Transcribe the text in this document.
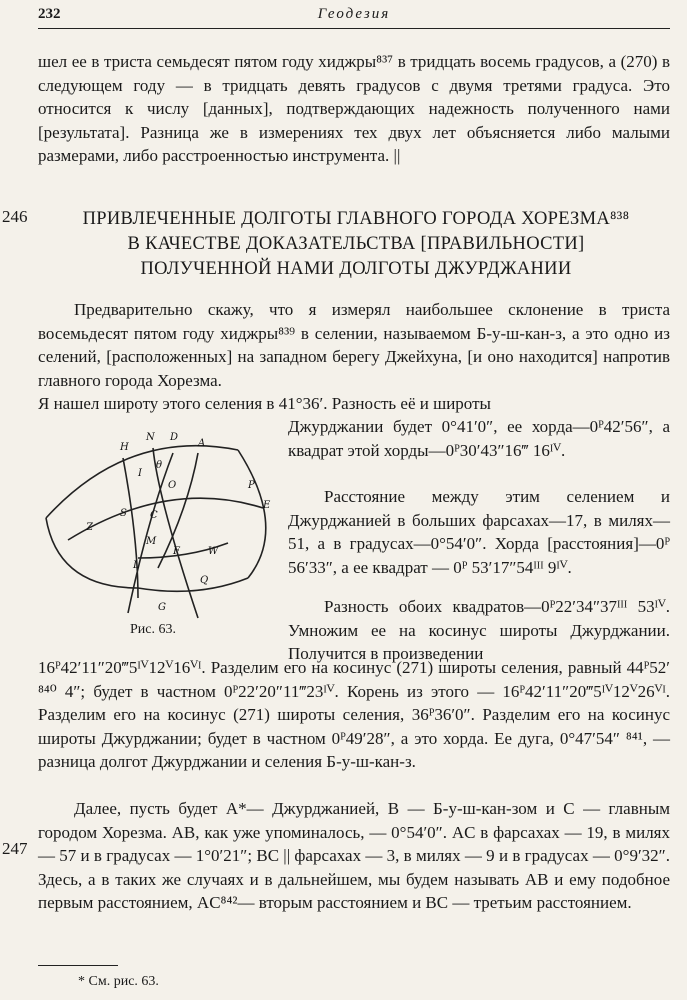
232	Геодезия
шел ее в триста семьдесят пятом году хиджры⁸³⁷ в тридцать восемь градусов, а (270) в следующем году — в тридцать девять градусов с двумя третями градуса. Это относится к числу [данных], подтверждающих надежность полученного нами [результата]. Разница же в измерениях тех двух лет объясняется либо малыми размерами, либо расстроенностью инструмента. ||
246	ПРИВЛЕЧЕННЫЕ ДОЛГОТЫ ГЛАВНОГО ГОРОДА ХОРЕЗМА⁸³⁸
В КАЧЕСТВЕ ДОКАЗАТЕЛЬСТВА [ПРАВИЛЬНОСТИ]
ПОЛУЧЕННОЙ НАМИ ДОЛГОТЫ ДЖУРДЖАНИИ
Предварительно скажу, что я измерял наибольшее склонение в триста восемьдесят пятом году хиджры⁸³⁹ в селении, называемом Б-у-ш-кан-з, а это одно из селений, [расположенных] на западном берегу Джейхуна, [и оно находится] напротив главного города Хорезма.
Я нашел широту этого селения в 41°36′. Разность её и широты
H
N D
A
I
θ
O
S C
E
Z
M
F	W
L
Q
G
P
Рис. 63.
Джурджании будет 0°41′0″, ее хорда—0ᴾ42′56″, а квадрат этой хорды—0ᴾ30′43″16‴ 16ᴵⱽ.
Расстояние между этим селением и Джурджанией в больших фарсахах—17, в милях—51, а в градусах—0°54′0″. Хорда [расстояния]—0ᴾ 56′33″, а ее квадрат — 0ᴾ 53′17″54ᴵᴵᴵ 9ᴵⱽ.
Разность обоих квадратов—0ᴾ22′34″37ᴵᴵᴵ 53ᴵⱽ. Умножим ее на косинус широты Джурджании. Получится в произведении
16ᴾ42′11″20‴5ᴵⱽ12ⱽ16ⱽᴵ. Разделим его на косинус (271) широты селения, равный 44ᴾ52′ ⁸⁴⁰ 4″; будет в частном 0ᴾ22′20″11‴23ᴵⱽ. Корень из этого — 16ᴾ42′11″20‴5ᴵⱽ12ⱽ26ⱽᴵ. Разделим его на косинус (271) широты селения, 36ᴾ36′0″. Разделим его на косинус широты Джурджании; будет в частном 0ᴾ49′28″, а это хорда. Ее дуга, 0°47′54″ ⁸⁴¹, — разница долгот Джурджании и селения Б-у-ш-кан-з.
247
Далее, пусть будет A*— Джурджанией, B — Б-у-ш-кан-зом и C — главным городом Хорезма. AB, как уже упоминалось, — 0°54′0″. AC в фарсахах — 19, в милях — 57 и в градусах — 1°0′21″; BC || фарсахах — 3, в милях — 9 и в градусах — 0°9′32″. Здесь, а в таких же случаях и в дальнейшем, мы будем называть AB и ему подобное первым расстоянием, AC⁸⁴²— вторым расстоянием и BC — третьим расстоянием.
* См. рис. 63.
